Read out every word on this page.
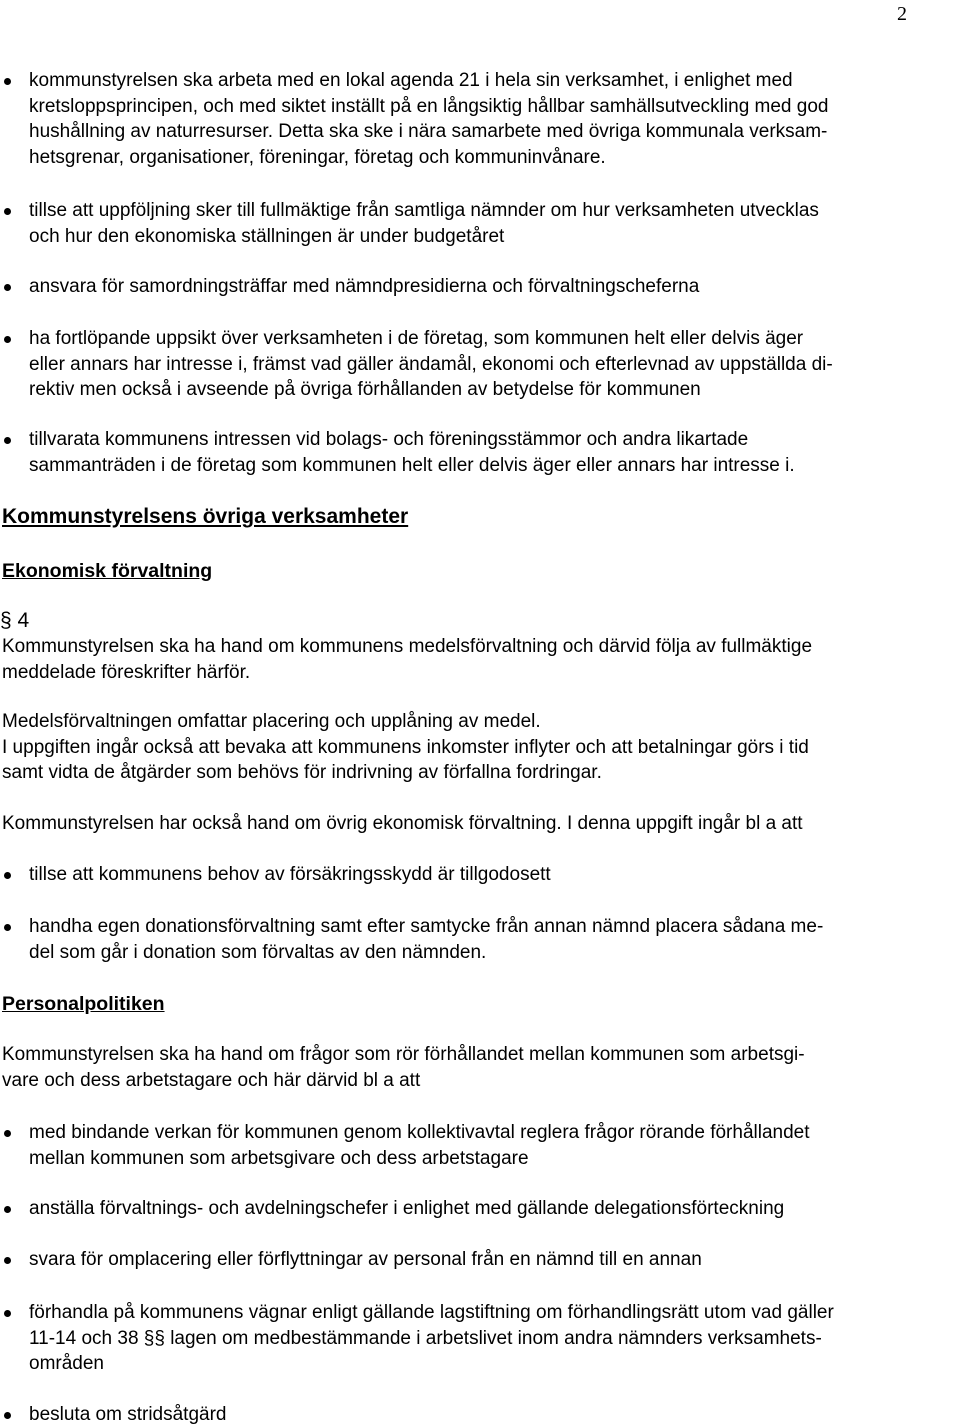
2
kommunstyrelsen ska arbeta med en lokal agenda 21 i hela sin verksamhet, i enlighet med
kretsloppsprincipen, och med siktet inställt på en långsiktig hållbar samhällsutveckling med god
hushållning av naturresurser. Detta ska ske i nära samarbete med övriga kommunala verksam-
hetsgrenar, organisationer, föreningar, företag och kommuninvånare.
tillse att uppföljning sker till fullmäktige från samtliga nämnder om hur verksamheten utvecklas
och hur den ekonomiska ställningen är under budgetåret
ansvara för samordningsträffar med nämndpresidierna och förvaltningscheferna
ha fortlöpande uppsikt över verksamheten i de företag, som kommunen helt eller delvis äger
eller annars har intresse i, främst vad gäller ändamål, ekonomi och efterlevnad av uppställda di-
rektiv men också i avseende på övriga förhållanden av betydelse för kommunen
tillvarata kommunens intressen vid bolags- och föreningsstämmor och andra likartade
sammanträden i de företag som kommunen helt eller delvis äger eller annars har intresse i.
Kommunstyrelsens övriga verksamheter
Ekonomisk förvaltning
§ 4
Kommunstyrelsen ska ha hand om kommunens medelsförvaltning och därvid följa av fullmäktige
meddelade föreskrifter härför.
Medelsförvaltningen omfattar placering och upplåning av medel.
I uppgiften ingår också att bevaka att kommunens inkomster inflyter och att betalningar görs i tid
samt vidta de åtgärder som behövs för indrivning av förfallna fordringar.
Kommunstyrelsen har också hand om övrig ekonomisk förvaltning. I denna uppgift ingår bl a att
tillse att kommunens behov av försäkringsskydd är tillgodosett
handha egen donationsförvaltning samt efter samtycke från annan nämnd placera sådana me-
del som går i donation som förvaltas av den nämnden.
Personalpolitiken
Kommunstyrelsen ska ha hand om frågor som rör förhållandet mellan kommunen som arbetsgi-
vare och dess arbetstagare och här därvid bl a att
med bindande verkan för kommunen genom kollektivavtal reglera frågor rörande förhållandet
mellan kommunen som arbetsgivare och dess arbetstagare
anställa förvaltnings- och avdelningschefer i enlighet med gällande delegationsförteckning
svara för omplacering eller förflyttningar av personal från en nämnd till en annan
förhandla på kommunens vägnar enligt gällande lagstiftning om förhandlingsrätt utom vad gäller
11-14 och 38 §§ lagen om medbestämmande i arbetslivet inom andra nämnders verksamhets-
områden
besluta om stridsåtgärd
